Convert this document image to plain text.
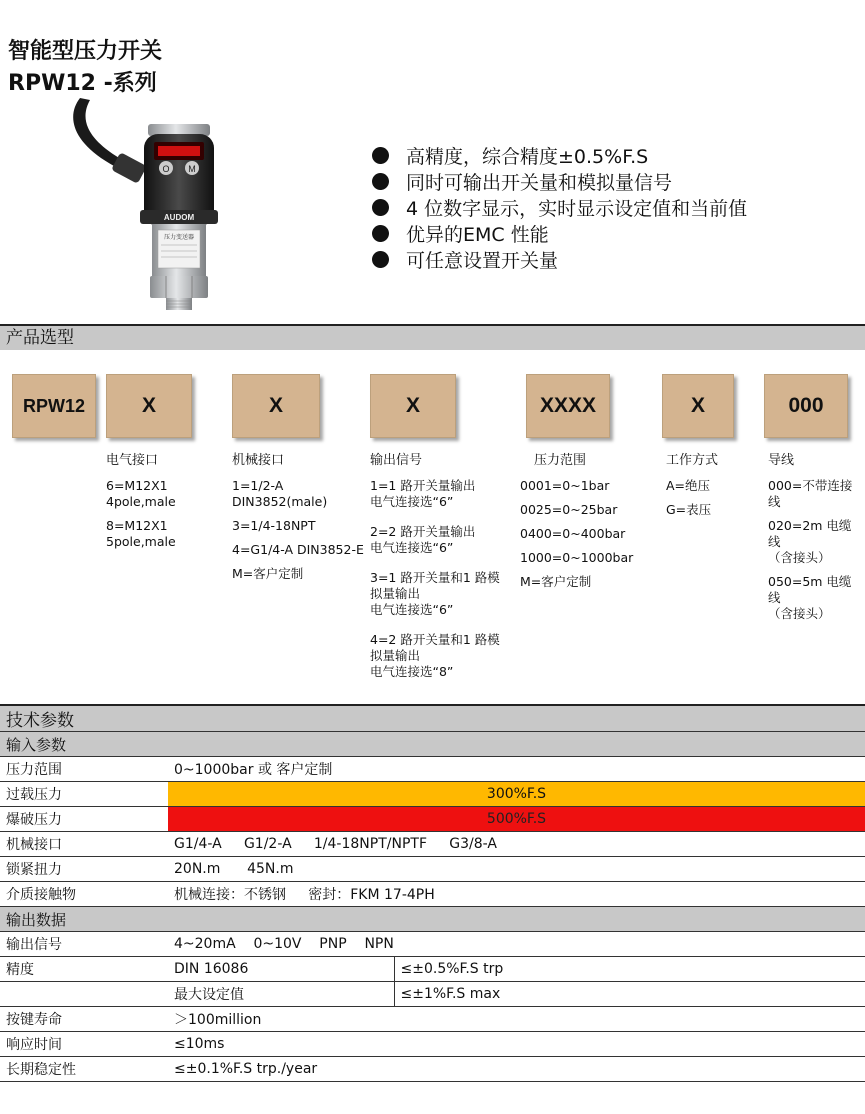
智能型压力开关
RPW12 -系列
O M
AUDOM
压力变送器
高精度，综合精度±0.5%F.S
同时可输出开关量和模拟量信号
4 位数字显示，实时显示设定值和当前值
优异的EMC 性能
可任意设置开关量
产品选型
RPW12	X	X	X	XXXX	X	000
电气接口
6=M12X1
4pole,male
8=M12X1
5pole,male
机械接口
1=1/2-A
DIN3852(male)
3=1/4-18NPT
4=G1/4-A DIN3852-E
M=客户定制
输出信号
1=1 路开关量输出
电气连接选“6”
2=2 路开关量输出
电气连接选“6”
3=1 路开关量和1 路模
拟量输出
电气连接选“6”
4=2 路开关量和1 路模
拟量输出
电气连接选“8”
压力范围
0001=0~1bar
0025=0~25bar
0400=0~400bar
1000=0~1000bar
M=客户定制
工作方式
A=绝压
G=表压
导线
000=不带连接
线
020=2m 电缆线
（含接头）
050=5m 电缆线
（含接头）
技术参数		
输入参数		
压力范围	0~1000bar 或 客户定制	
过载压力	300%F.S	
爆破压力	500%F.S	
机械接口	G1/4-A     G1/2-A     1/4-18NPT/NPTF     G3/8-A	
锁紧扭力	20N.m      45N.m	
介质接触物	机械连接：不锈钢     密封：FKM 17-4PH	
输出数据		
输出信号	4~20mA    0~10V    PNP    NPN	
精度	DIN 16086	≤±0.5%F.S trp
	最大设定值	≤±1%F.S max
按键寿命	＞100million	
响应时间	≤10ms	
长期稳定性	≤±0.1%F.S trp./year	
